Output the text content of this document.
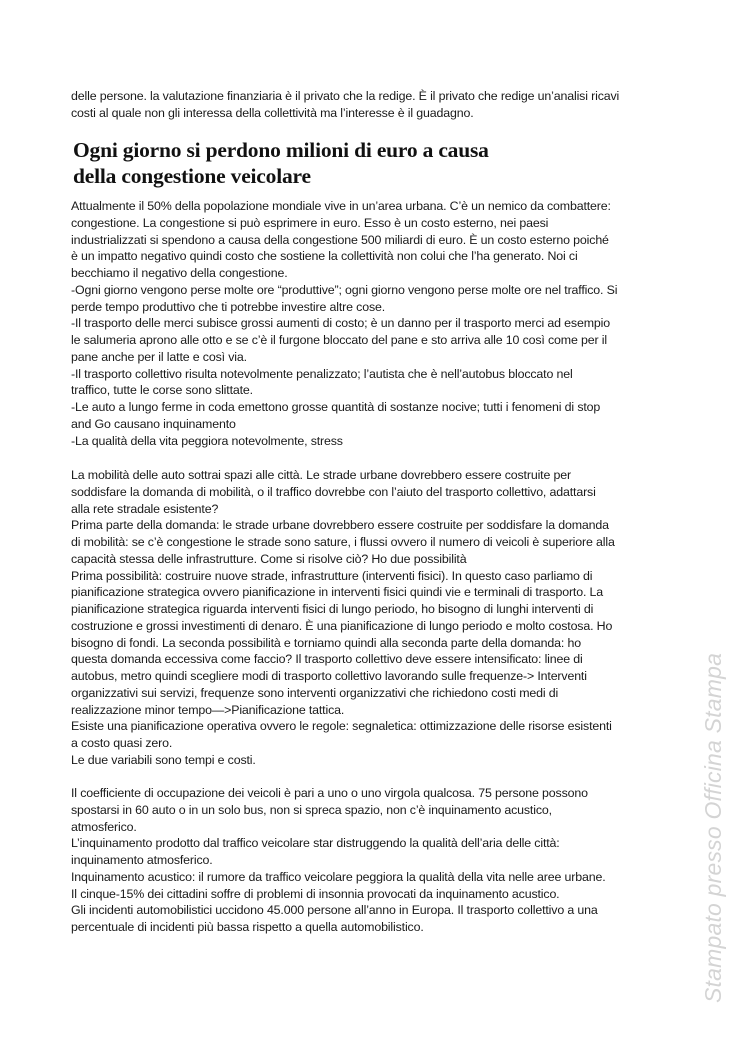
delle persone. la valutazione finanziaria è il privato che la redige. È il privato che redige un’analisi ricavi
costi al quale non gli interessa della collettività ma l’interesse è il guadagno.
Ogni giorno si perdono milioni di euro a causa
della congestione veicolare
Attualmente il 50% della popolazione mondiale vive in un’area urbana. C’è un nemico da combattere:
congestione. La congestione si può esprimere in euro. Esso è un costo esterno, nei paesi
industrializzati si spendono a causa della congestione 500 miliardi di euro. È un costo esterno poiché
è un impatto negativo quindi costo che sostiene la collettività non colui che l’ha generato. Noi ci
becchiamo il negativo della congestione.
-Ogni giorno vengono perse molte ore “produttive”; ogni giorno vengono perse molte ore nel traffico. Si
perde tempo produttivo che ti potrebbe investire altre cose.
-Il trasporto delle merci subisce grossi aumenti di costo; è un danno per il trasporto merci ad esempio
le salumeria aprono alle otto e se c’è il furgone bloccato del pane e sto arriva alle 10 così come per il
pane anche per il latte e così via.
-Il trasporto collettivo risulta notevolmente penalizzato; l’autista che è nell’autobus bloccato nel
traffico, tutte le corse sono slittate.
-Le auto a lungo ferme in coda emettono grosse quantità di sostanze nocive; tutti i fenomeni di stop
and Go causano inquinamento
-La qualità della vita peggiora notevolmente, stress
La mobilità delle auto sottrai spazi alle città. Le strade urbane dovrebbero essere costruite per
soddisfare la domanda di mobilità, o il traffico dovrebbe con l’aiuto del trasporto collettivo, adattarsi
alla rete stradale esistente?
Prima parte della domanda: le strade urbane dovrebbero essere costruite per soddisfare la domanda
di mobilità: se c’è congestione le strade sono sature, i flussi ovvero il numero di veicoli è superiore alla
capacità stessa delle infrastrutture. Come si risolve ciò? Ho due possibilità
Prima possibilità: costruire nuove strade, infrastrutture (interventi fisici). In questo caso parliamo di
pianificazione strategica ovvero pianificazione in interventi fisici quindi vie e terminali di trasporto. La
pianificazione strategica riguarda interventi fisici di lungo periodo, ho bisogno di lunghi interventi di
costruzione e grossi investimenti di denaro. È una pianificazione di lungo periodo e molto costosa. Ho
bisogno di fondi. La seconda possibilità e torniamo quindi alla seconda parte della domanda: ho
questa domanda eccessiva come faccio? Il trasporto collettivo deve essere intensificato: linee di
autobus, metro quindi scegliere modi di trasporto collettivo lavorando sulle frequenze-> Interventi
organizzativi sui servizi, frequenze sono interventi organizzativi che richiedono costi medi di
realizzazione minor tempo—>Pianificazione tattica.
Esiste una pianificazione operativa ovvero le regole: segnaletica: ottimizzazione delle risorse esistenti
a costo quasi zero.
Le due variabili sono tempi e costi.
Il coefficiente di occupazione dei veicoli è pari a uno o uno virgola qualcosa. 75 persone possono
spostarsi in 60 auto o in un solo bus, non si spreca spazio, non c’è inquinamento acustico,
atmosferico.
L’inquinamento prodotto dal traffico veicolare star distruggendo la qualità dell’aria delle città:
inquinamento atmosferico.
Inquinamento acustico: il rumore da traffico veicolare peggiora la qualità della vita nelle aree urbane.
Il cinque-15% dei cittadini soffre di problemi di insonnia provocati da inquinamento acustico.
Gli incidenti automobilistici uccidono 45.000 persone all’anno in Europa. Il trasporto collettivo a una
percentuale di incidenti più bassa rispetto a quella automobilistico.	Stampato presso Officina Stampa
